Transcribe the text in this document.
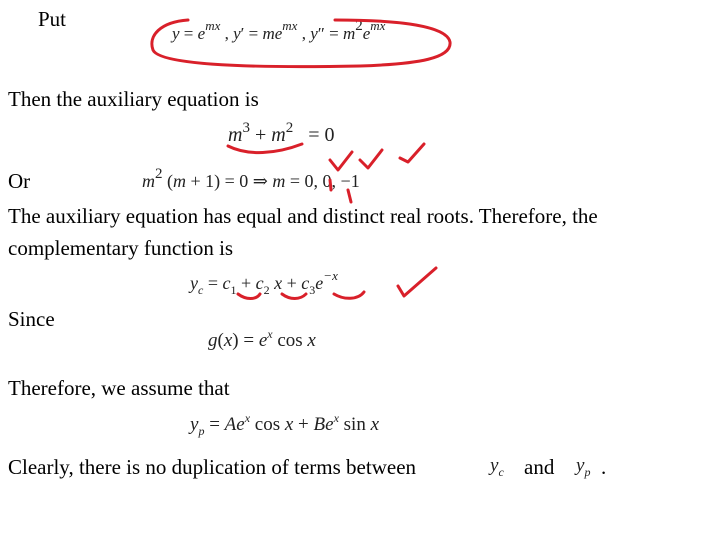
Put
$y = e^{mx}$ , $y' = me^{mx}$ , $y'' = m2e^{mx}$
Then the auxiliary equation is
$m^3 + m^2 = 0$
Or	$m^2$ (m + 1) = 0 ⇒ m = 0, 0, −1
The auxiliary equation has equal and distinct real roots. Therefore, the
complementary function is
$y_c = c_1 + c_2$ $x + c_3e^{-x}$
Since
$g(x) = e^x$ cos x
Therefore, we assume that
$y_p = Ae^x$ $\cos x + Be^x$ sin x
Clearly, there is no duplication of terms between	$y_c$ and $y_p$ .
